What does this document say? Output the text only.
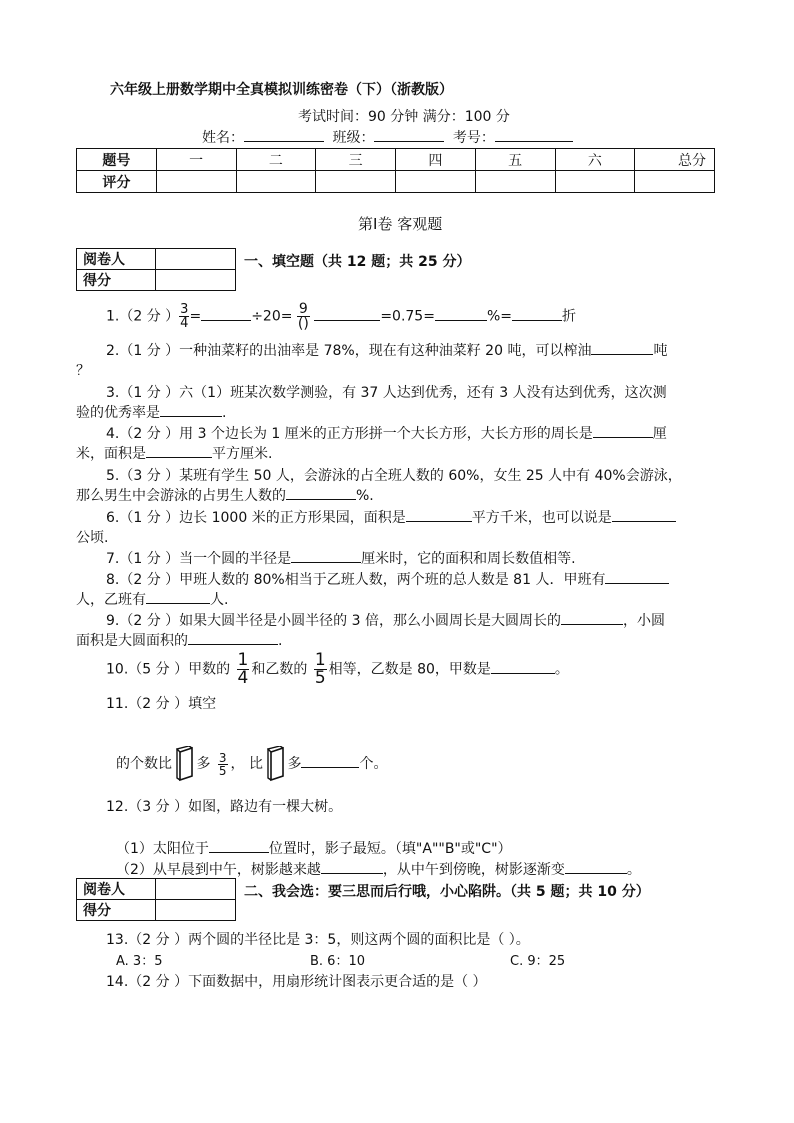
六年级上册数学期中全真模拟训练密卷（下）（浙教版）
考试时间：90 分钟 满分：100 分
姓名：	班级：	考号：
题号	一	二	三	四	五	六	总分
评分							
第Ⅰ卷 客观题
阅卷人	
得分	
一、填空题（共 12 题；共 25 分）
1.（2 分 ） $\frac{3}{4}$ =	$\div 20= \frac{9}{()}$	=0.75=	%=	折
2.（1 分 ）一种油菜籽的出油率是 78%，现在有这种油菜籽 20 吨，可以榨油	吨
？
3.（1 分 ）六（1）班某次数学测验，有 37 人达到优秀，还有 3 人没有达到优秀，这次测
验的优秀率是	.
4.（2 分 ）用 3 个边长为 1 厘米的正方形拼一个大长方形，大长方形的周长是	厘
米，面积是	平方厘米.
5.（3 分 ）某班有学生 50 人，会游泳的占全班人数的 60%，女生 25 人中有 40%会游泳，
那么男生中会游泳的占男生人数的	%.
6.（1 分 ）边长 1000 米的正方形果园，面积是	平方千米，也可以说是
公顷.
7.（1 分 ）当一个圆的半径是	厘米时，它的面积和周长数值相等.
8.（2 分 ）甲班人数的 80%相当于乙班人数，两个班的总人数是 81 人．甲班有
人，乙班有	人.
9.（2 分 ）如果大圆半径是小圆半径的 3 倍，那么小圆周长是大圆周长的	，小圆
面积是大圆面积的	.
10.（5 分 ）甲数的 $\frac{1}{4}$ 和乙数的 $\frac{1}{5}$ 相等，乙数是 80，甲数是	。
11.（2 分 ）填空
的个数比 多 $\frac{3}{5}$ ， 比 多	个。
12.（3 分 ）如图，路边有一棵大树。
（1）太阳位于	位置时，影子最短。（填"A""B"或"C"）
（2）从早晨到中午，树影越来越	，从中午到傍晚，树影逐渐变	。
阅卷人	
得分	
二、我会选：要三思而后行哦，小心陷阱。（共 5 题；共 10 分）
13.（2 分 ）两个圆的半径比是 3：5，则这两个圆的面积比是（ ）。
A. 3：5	B. 6：10	C. 9：25
14.（2 分 ）下面数据中，用扇形统计图表示更合适的是（ ）
